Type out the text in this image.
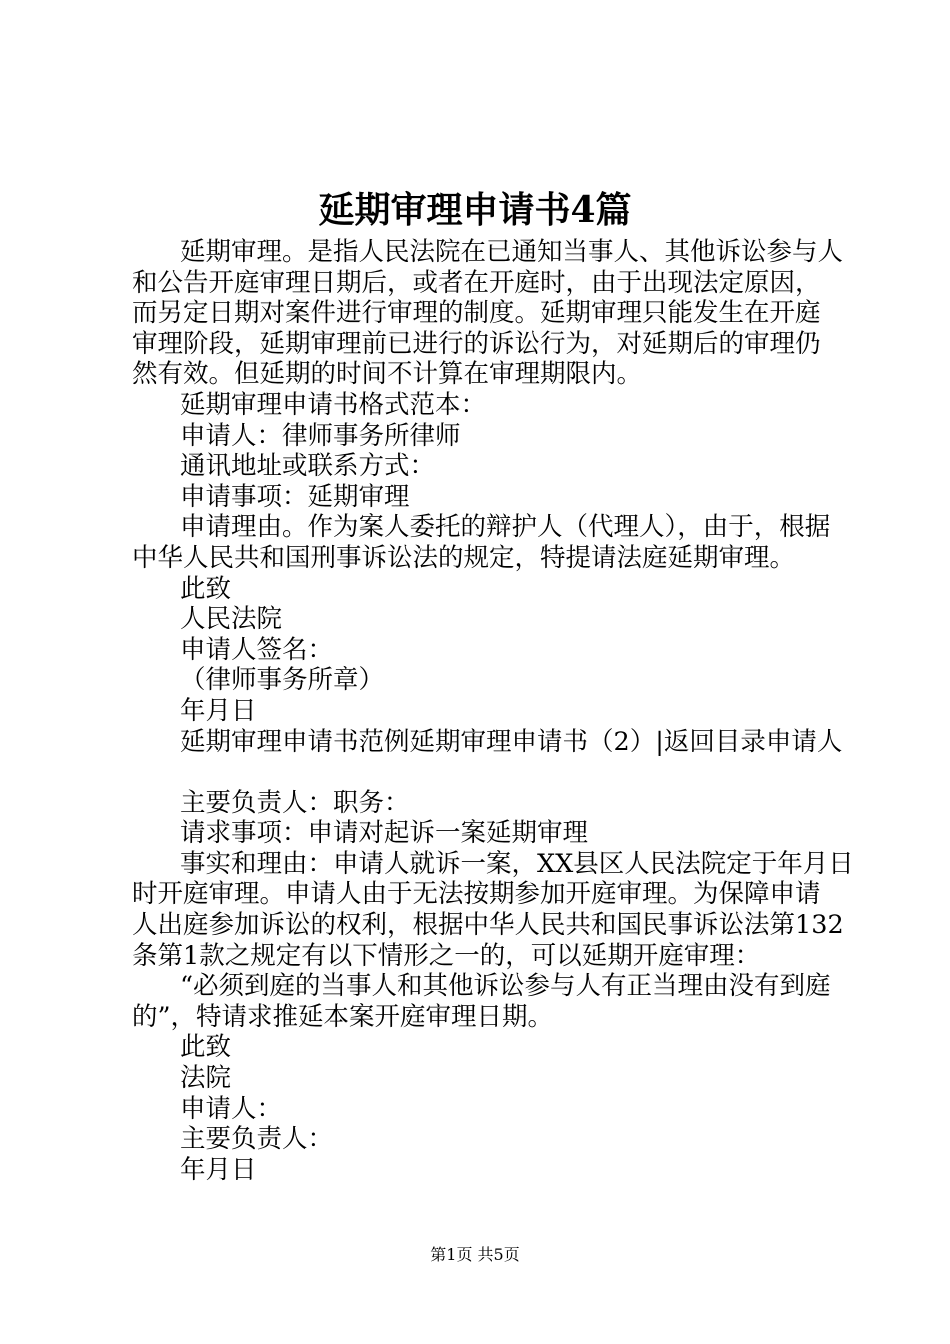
延期审理申请书4篇
延期审理。是指人民法院在已通知当事人、其他诉讼参与人
和公告开庭审理日期后，或者在开庭时，由于出现法定原因，
而另定日期对案件进行审理的制度。延期审理只能发生在开庭
审理阶段，延期审理前已进行的诉讼行为，对延期后的审理仍
然有效。但延期的时间不计算在审理期限内。
延期审理申请书格式范本：
申请人：律师事务所律师
通讯地址或联系方式：
申请事项：延期审理
申请理由。作为案人委托的辩护人（代理人），由于，根据
中华人民共和国刑事诉讼法的规定，特提请法庭延期审理。
此致
人民法院
申请人签名：
（律师事务所章）
年月日
延期审理申请书范例延期审理申请书（2）|返回目录申请人
主要负责人：职务：
请求事项：申请对起诉一案延期审理
事实和理由：申请人就诉一案，XX县区人民法院定于年月日
时开庭审理。申请人由于无法按期参加开庭审理。为保障申请
人出庭参加诉讼的权利，根据中华人民共和国民事诉讼法第132
条第1款之规定有以下情形之一的，可以延期开庭审理：
“必须到庭的当事人和其他诉讼参与人有正当理由没有到庭
的”，特请求推延本案开庭审理日期。
此致
法院
申请人：
主要负责人：
年月日
第1页 共5页
